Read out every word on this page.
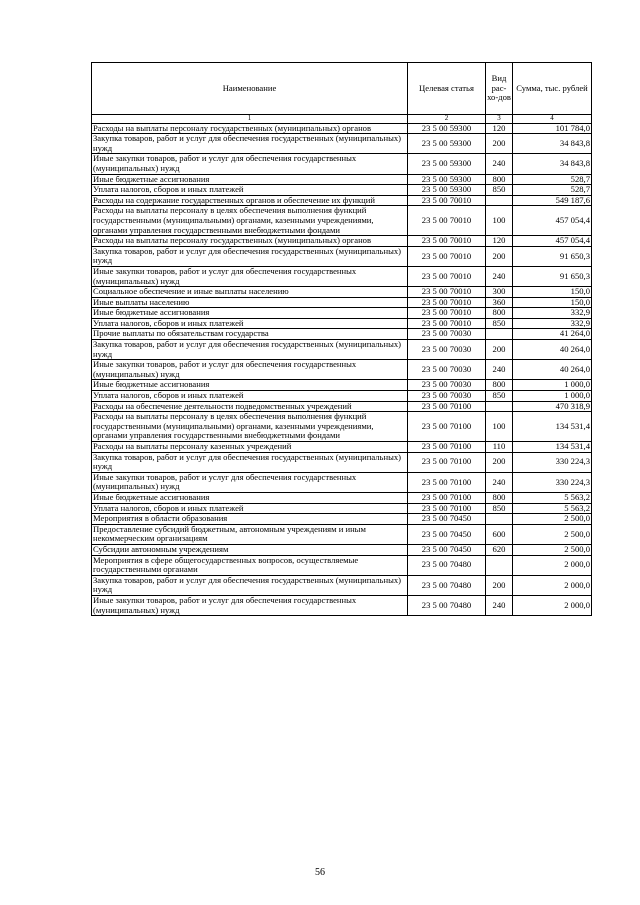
Наименование	Целевая статья	Вид рас-хо-дов	Сумма, тыс. рублей
1	2	3	4
Расходы на выплаты персоналу государственных (муниципальных) органов	23 5 00 59300	120	101 784,0
Закупка товаров, работ и услуг для обеспечения государственных (муниципальных) нужд	23 5 00 59300	200	34 843,8
Иные закупки товаров, работ и услуг для обеспечения государственных (муниципальных) нужд	23 5 00 59300	240	34 843,8
Иные бюджетные ассигнования	23 5 00 59300	800	528,7
Уплата налогов, сборов и иных платежей	23 5 00 59300	850	528,7
Расходы на содержание государственных органов и обеспечение их функций	23 5 00 70010		549 187,6
Расходы на выплаты персоналу в целях обеспечения выполнения функций государственными (муниципальными) органами, казенными учреждениями, органами управления государственными внебюджетными фондами	23 5 00 70010	100	457 054,4
Расходы на выплаты персоналу государственных (муниципальных) органов	23 5 00 70010	120	457 054,4
Закупка товаров, работ и услуг для обеспечения государственных (муниципальных) нужд	23 5 00 70010	200	91 650,3
Иные закупки товаров, работ и услуг для обеспечения государственных (муниципальных) нужд	23 5 00 70010	240	91 650,3
Социальное обеспечение и иные выплаты населению	23 5 00 70010	300	150,0
Иные выплаты населению	23 5 00 70010	360	150,0
Иные бюджетные ассигнования	23 5 00 70010	800	332,9
Уплата налогов, сборов и иных платежей	23 5 00 70010	850	332,9
Прочие выплаты по обязательствам государства	23 5 00 70030		41 264,0
Закупка товаров, работ и услуг для обеспечения государственных (муниципальных) нужд	23 5 00 70030	200	40 264,0
Иные закупки товаров, работ и услуг для обеспечения государственных (муниципальных) нужд	23 5 00 70030	240	40 264,0
Иные бюджетные ассигнования	23 5 00 70030	800	1 000,0
Уплата налогов, сборов и иных платежей	23 5 00 70030	850	1 000,0
Расходы на обеспечение деятельности подведомственных учреждений	23 5 00 70100		470 318,9
Расходы на выплаты персоналу в целях обеспечения выполнения функций государственными (муниципальными) органами, казенными учреждениями, органами управления государственными внебюджетными фондами	23 5 00 70100	100	134 531,4
Расходы на выплаты персоналу казенных учреждений	23 5 00 70100	110	134 531,4
Закупка товаров, работ и услуг для обеспечения государственных (муниципальных) нужд	23 5 00 70100	200	330 224,3
Иные закупки товаров, работ и услуг для обеспечения государственных (муниципальных) нужд	23 5 00 70100	240	330 224,3
Иные бюджетные ассигнования	23 5 00 70100	800	5 563,2
Уплата налогов, сборов и иных платежей	23 5 00 70100	850	5 563,2
Мероприятия в области образования	23 5 00 70450		2 500,0
Предоставление субсидий бюджетным, автономным учреждениям и иным некоммерческим организациям	23 5 00 70450	600	2 500,0
Субсидии автономным учреждениям	23 5 00 70450	620	2 500,0
Мероприятия в сфере общегосударственных вопросов, осуществляемые государственными органами	23 5 00 70480		2 000,0
Закупка товаров, работ и услуг для обеспечения государственных (муниципальных) нужд	23 5 00 70480	200	2 000,0
Иные закупки товаров, работ и услуг для обеспечения государственных (муниципальных) нужд	23 5 00 70480	240	2 000,0
56
